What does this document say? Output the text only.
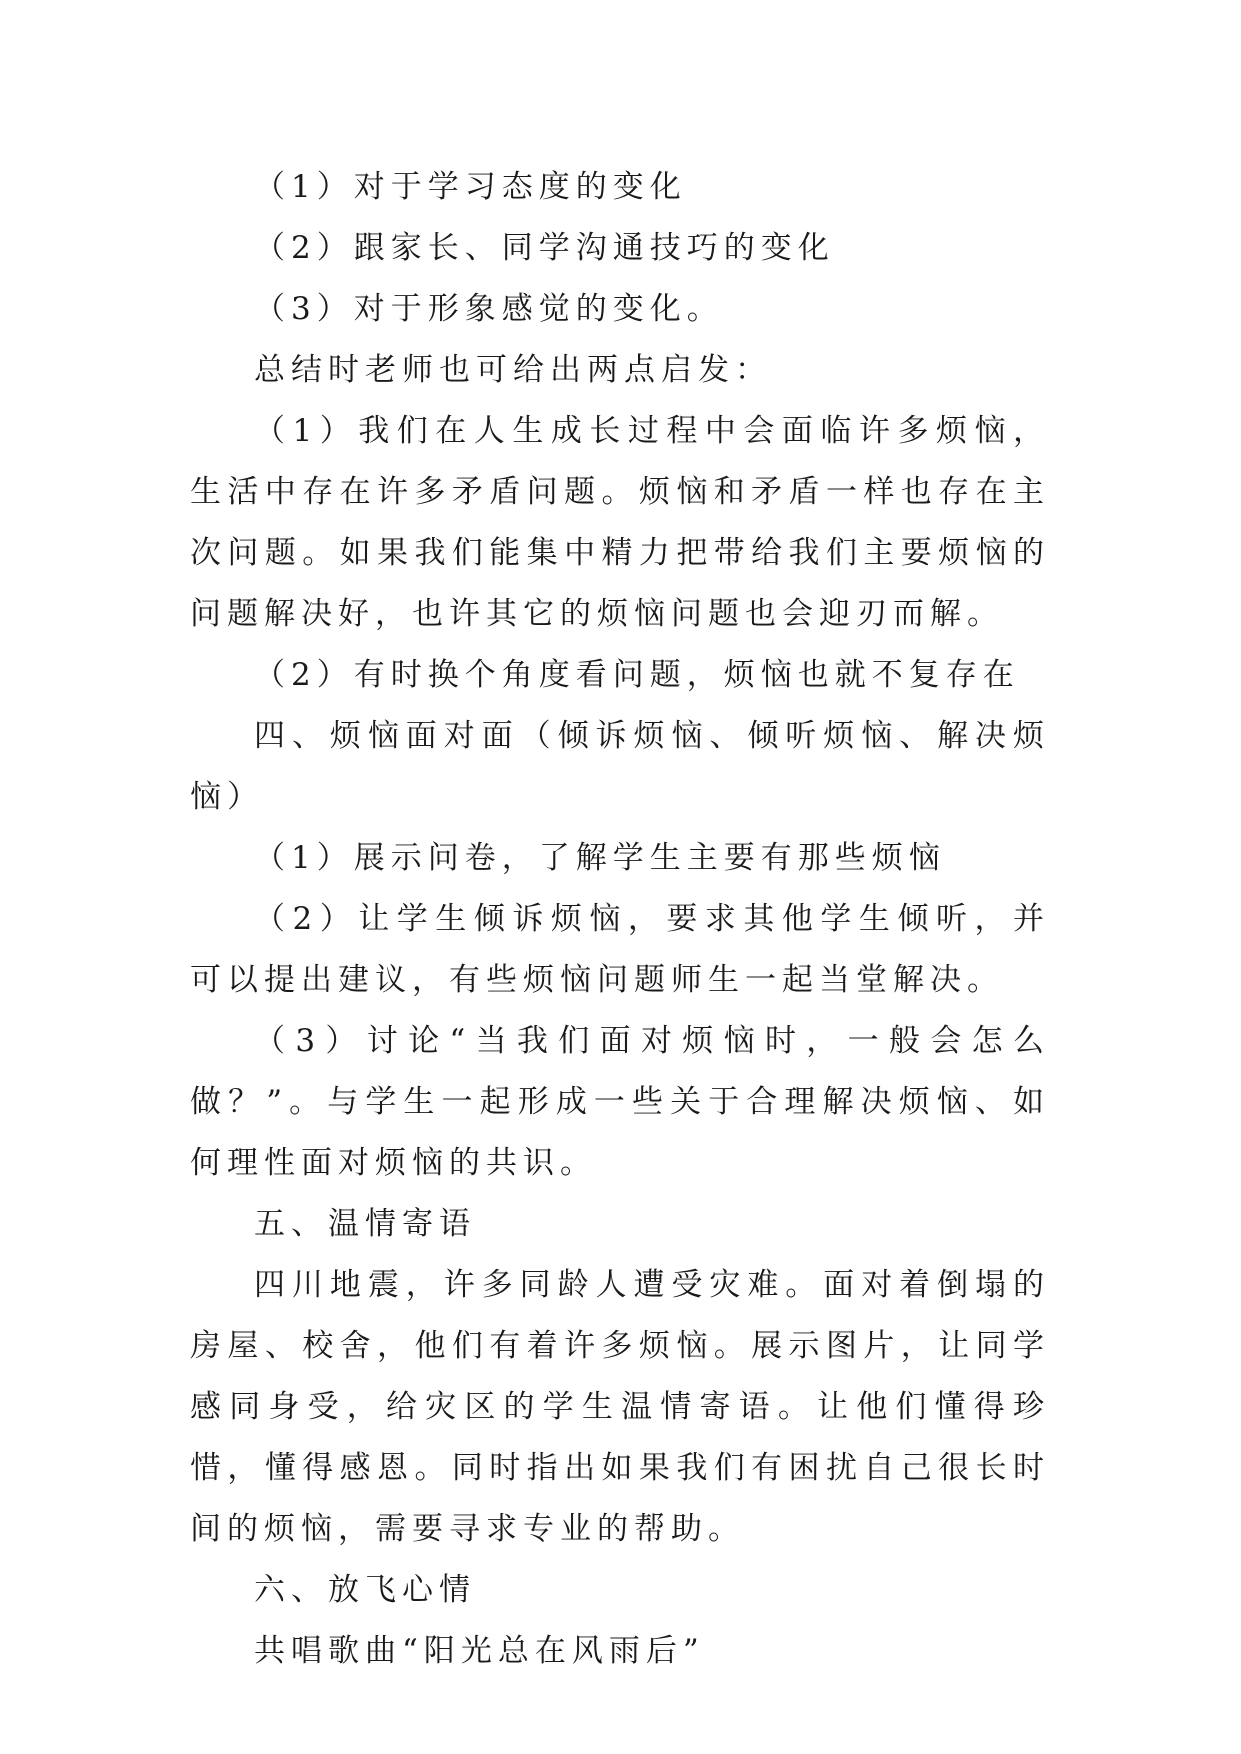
（1）对于学习态度的变化

（2）跟家长、同学沟通技巧的变化

（3）对于形象感觉的变化。

总结时老师也可给出两点启发：

（1）我们在人生成长过程中会面临许多烦恼，生活中存在许多矛盾问题。烦恼和矛盾一样也存在主次问题。如果我们能集中精力把带给我们主要烦恼的问题解决好，也许其它的烦恼问题也会迎刃而解。

（2）有时换个角度看问题，烦恼也就不复存在

四、烦恼面对面（倾诉烦恼、倾听烦恼、解决烦恼）

（1）展示问卷，了解学生主要有那些烦恼

（2）让学生倾诉烦恼，要求其他学生倾听，并可以提出建议，有些烦恼问题师生一起当堂解决。

（3）讨论“当我们面对烦恼时，一般会怎么做？”。与学生一起形成一些关于合理解决烦恼、如何理性面对烦恼的共识。

五、温情寄语

四川地震，许多同龄人遭受灾难。面对着倒塌的房屋、校舍，他们有着许多烦恼。展示图片，让同学感同身受，给灾区的学生温情寄语。让他们懂得珍惜，懂得感恩。同时指出如果我们有困扰自己很长时间的烦恼，需要寻求专业的帮助。

六、放飞心情

共唱歌曲“阳光总在风雨后”
